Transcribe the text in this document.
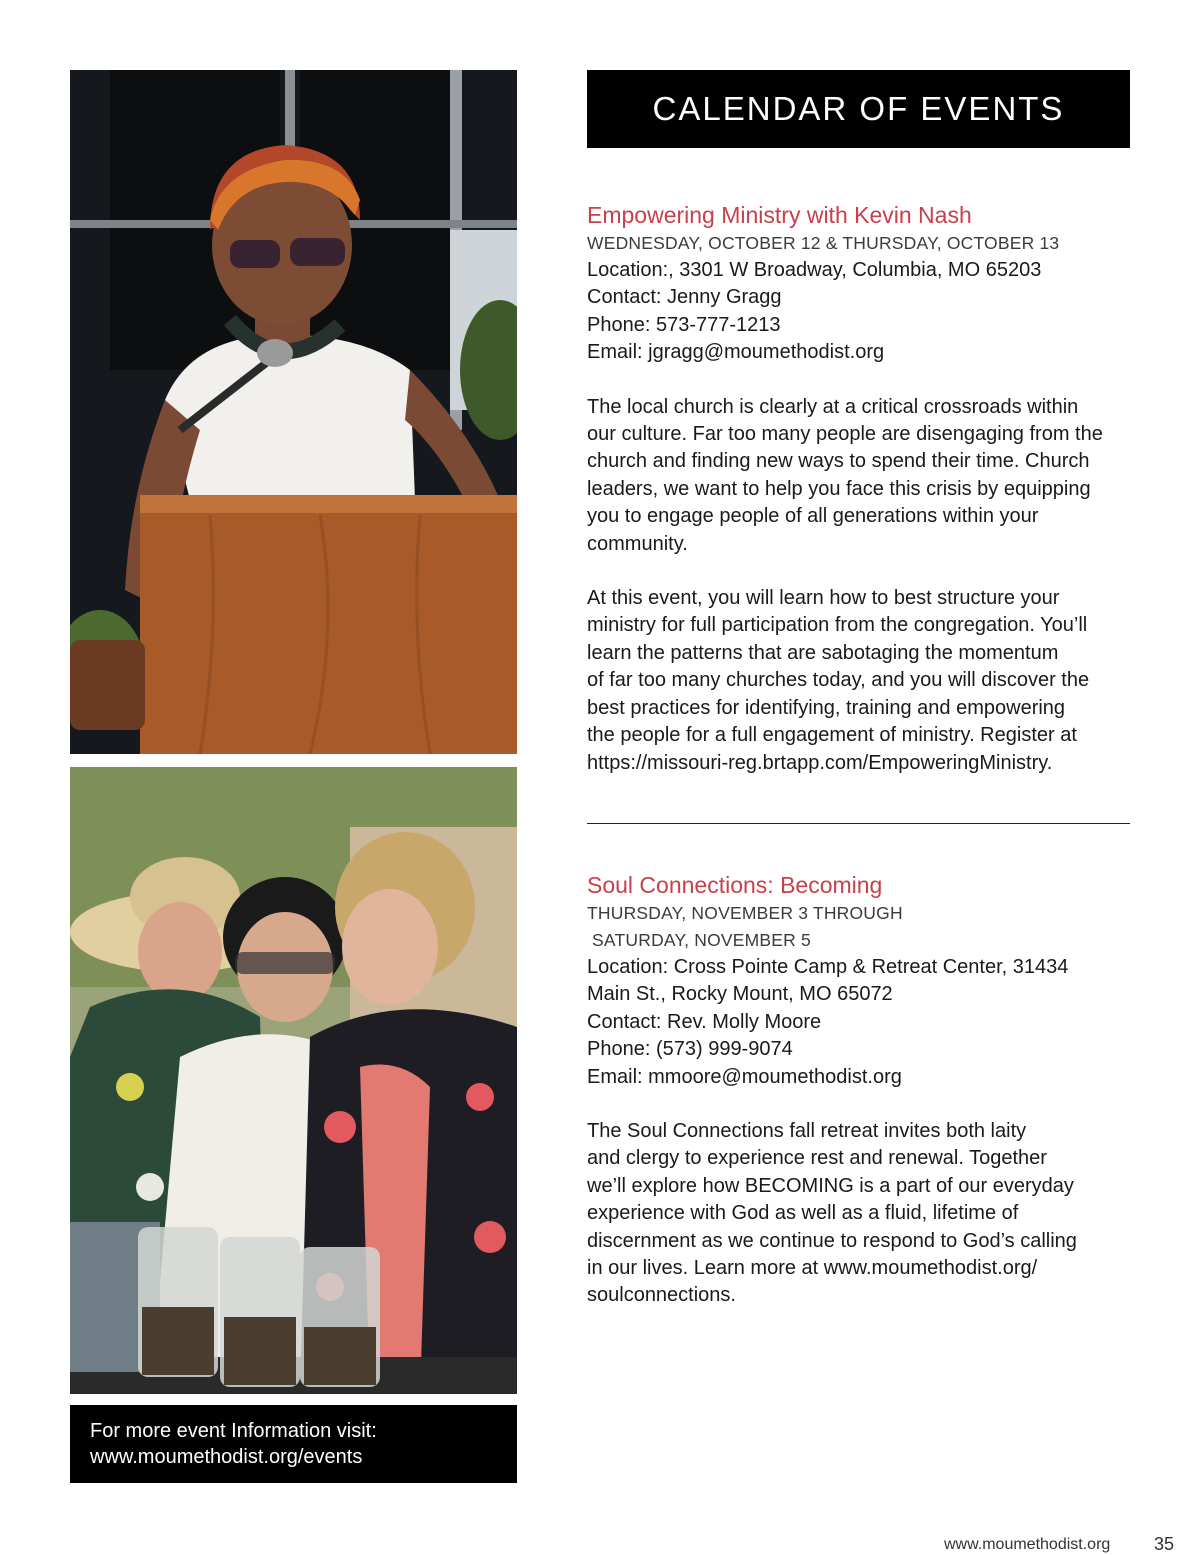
For more event Information visit:
www.moumethodist.org/events
CALENDAR OF EVENTS
Empowering Ministry with Kevin Nash
WEDNESDAY, OCTOBER 12 & THURSDAY, OCTOBER 13
Location:, 3301 W Broadway, Columbia, MO 65203
Contact: Jenny Gragg
Phone: 573-777-1213
Email: jgragg@moumethodist.org
The local church is clearly at a critical crossroads within
our culture. Far too many people are disengaging from the
church and finding new ways to spend their time. Church
leaders, we want to help you face this crisis by equipping
you to engage people of all generations within your
community.
At this event, you will learn how to best structure your
ministry for full participation from the congregation. You’ll
learn the patterns that are sabotaging the momentum
of far too many churches today, and you will discover the
best practices for identifying, training and empowering
the people for a full engagement of ministry. Register at
https://missouri-reg.brtapp.com/EmpoweringMinistry.
Soul Connections: Becoming
THURSDAY, NOVEMBER 3 THROUGH
SATURDAY, NOVEMBER 5
Location: Cross Pointe Camp & Retreat Center, 31434
Main St., Rocky Mount, MO 65072
Contact: Rev. Molly Moore
Phone: (573) 999-9074
Email: mmoore@moumethodist.org
The Soul Connections fall retreat invites both laity
and clergy to experience rest and renewal. Together
we’ll explore how BECOMING is a part of our everyday
experience with God as well as a fluid, lifetime of
discernment as we continue to respond to God’s calling
in our lives. Learn more at www.moumethodist.org/
soulconnections.
www.moumethodist.org 35
